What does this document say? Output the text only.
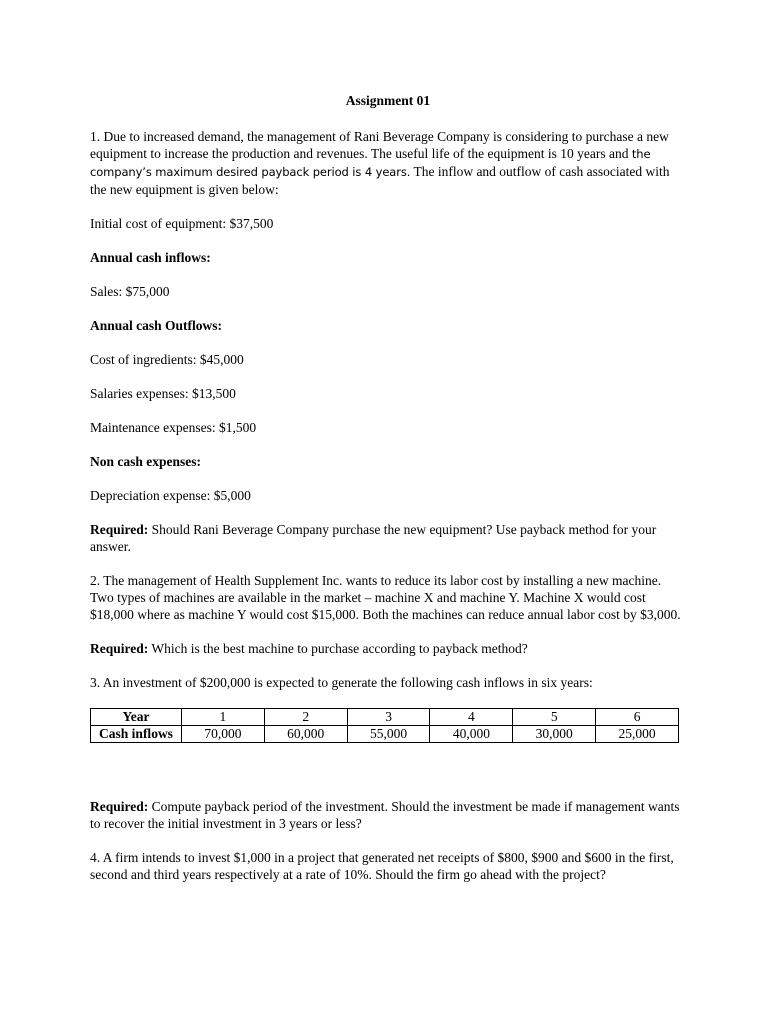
Assignment 01

1. Due to increased demand, the management of Rani Beverage Company is considering to purchase a new equipment to increase the production and revenues. The useful life of the equipment is 10 years and the company’s maximum desired payback period is 4 years. The inflow and outflow of cash associated with the new equipment is given below:

Initial cost of equipment: $37,500

Annual cash inflows:

Sales: $75,000

Annual cash Outflows:

Cost of ingredients: $45,000

Salaries expenses: $13,500

Maintenance expenses: $1,500

Non cash expenses:

Depreciation expense: $5,000

Required: Should Rani Beverage Company purchase the new equipment? Use payback method for your answer.

2. The management of Health Supplement Inc. wants to reduce its labor cost by installing a new machine. Two types of machines are available in the market – machine X and machine Y. Machine X would cost $18,000 where as machine Y would cost $15,000. Both the machines can reduce annual labor cost by $3,000.

Required: Which is the best machine to purchase according to payback method?

3. An investment of $200,000 is expected to generate the following cash inflows in six years:

Year	1	2	3	4	5	6
Cash inflows	70,000	60,000	55,000	40,000	30,000	25,000

Required: Compute payback period of the investment. Should the investment be made if management wants to recover the initial investment in 3 years or less?

4. A firm intends to invest $1,000 in a project that generated net receipts of $800, $900 and $600 in the first, second and third years respectively at a rate of 10%. Should the firm go ahead with the project?
